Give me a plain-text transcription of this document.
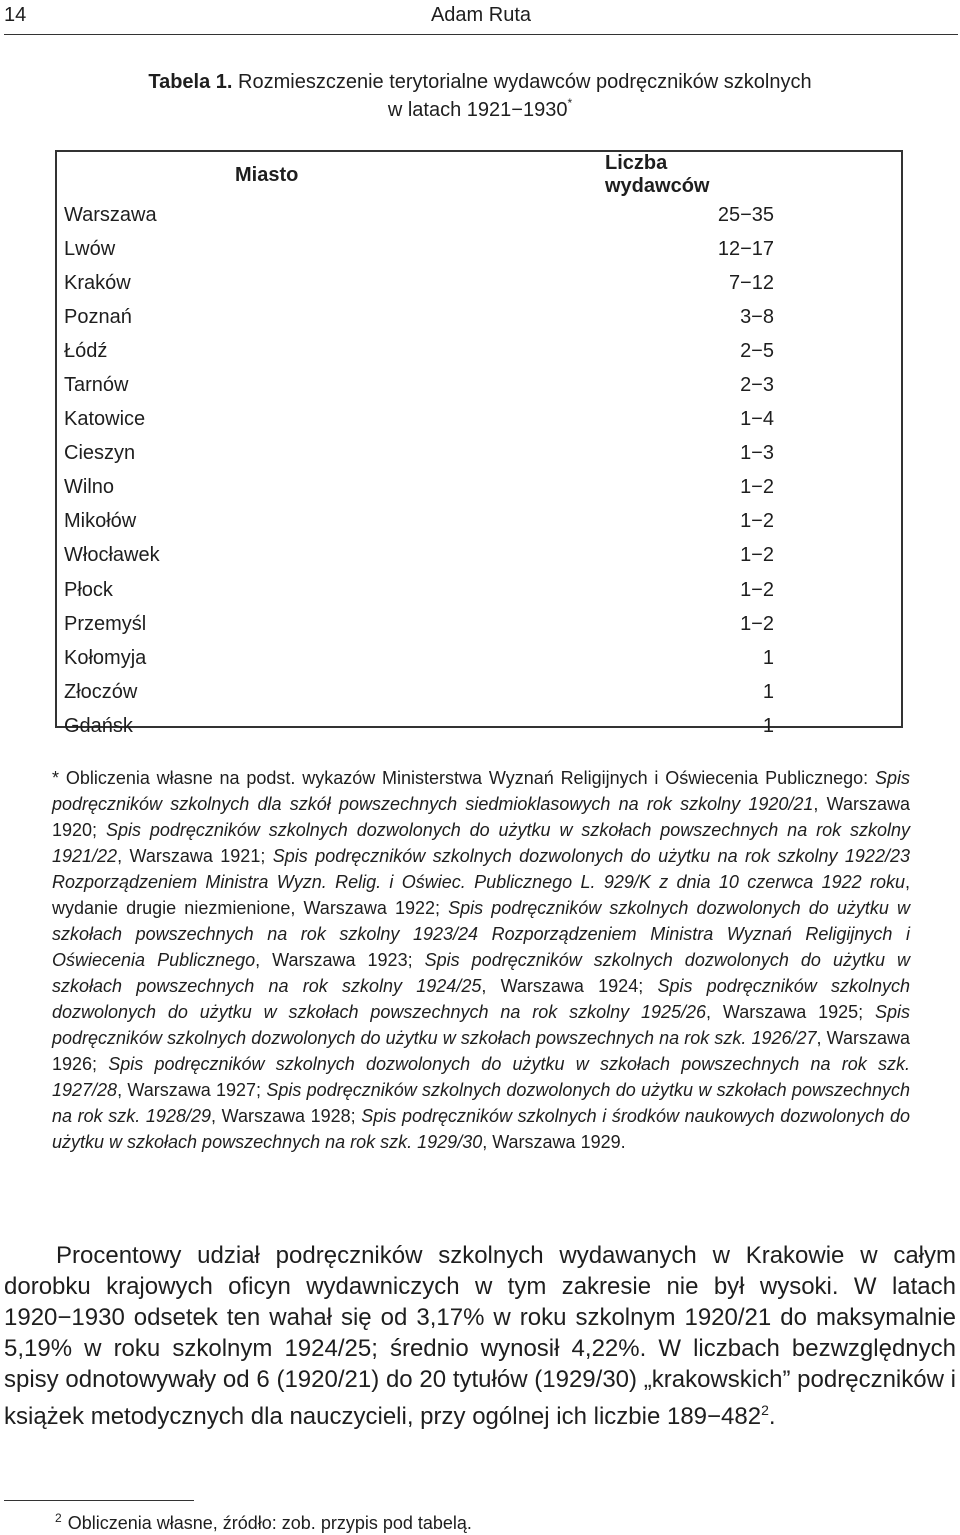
14	Adam Ruta
Tabela 1. Rozmieszczenie terytorialne wydawców podręczników szkolnych
w latach 1921−1930*
Miasto	Liczba wydawców	
Warszawa	25−35	
Lwów	12−17	
Kraków	7−12	
Poznań	3−8	
Łódź	2−5	
Tarnów	2−3	
Katowice	1−4	
Cieszyn	1−3	
Wilno	1−2	
Mikołów	1−2	
Włocławek	1−2	
Płock	1−2	
Przemyśl	1−2	
Kołomyja	1	
Złoczów	1	
Gdańsk	1	
* Obliczenia własne na podst. wykazów Ministerstwa Wyznań Religijnych i Oświecenia Publicznego: Spis podręczników szkolnych dla szkół powszechnych siedmioklasowych na rok szkolny 1920/21, Warszawa 1920; Spis podręczników szkolnych dozwolonych do użytku w szkołach powszechnych na rok szkolny 1921/22, Warszawa 1921; Spis podręczników szkolnych dozwolonych do użytku na rok szkolny 1922/23 Rozporządzeniem Ministra Wyzn. Relig. i Oświec. Publicznego L. 929/K z dnia 10 czerwca 1922 roku, wydanie drugie niezmienione, Warszawa 1922; Spis podręczników szkolnych dozwolonych do użytku w szkołach powszechnych na rok szkolny 1923/24 Rozporządzeniem Ministra Wyznań Religijnych i Oświecenia Publicznego, Warszawa 1923; Spis podręczników szkolnych dozwolonych do użytku w szkołach powszechnych na rok szkolny 1924/25, Warszawa 1924; Spis podręczników szkolnych dozwolonych do użytku w szkołach powszechnych na rok szkolny 1925/26, Warszawa 1925; Spis podręczników szkolnych dozwolonych do użytku w szkołach powszechnych na rok szk. 1926/27, Warszawa 1926; Spis podręczników szkolnych dozwolonych do użytku w szkołach powszechnych na rok szk. 1927/28, Warszawa 1927; Spis podręczników szkolnych dozwolonych do użytku w szkołach powszechnych na rok szk. 1928/29, Warszawa 1928; Spis podręczników szkolnych i środków naukowych dozwolonych do użytku w szkołach powszechnych na rok szk. 1929/30, Warszawa 1929.
Procentowy udział podręczników szkolnych wydawanych w Krakowie w całym dorobku krajowych oficyn wydawniczych w tym zakresie nie był wysoki. W latach 1920−1930 odsetek ten wahał się od 3,17% w roku szkolnym 1920/21 do maksymalnie 5,19% w roku szkolnym 1924/25; średnio wynosił 4,22%. W liczbach bezwzględnych spisy odnotowywały od 6 (1920/21) do 20 tytułów (1929/30) „krakowskich” podręczników i książek metodycznych dla nauczycieli, przy ogólnej ich liczbie $189-482^2$.
$^2$ Obliczenia własne, źródło: zob. przypis pod tabelą.
